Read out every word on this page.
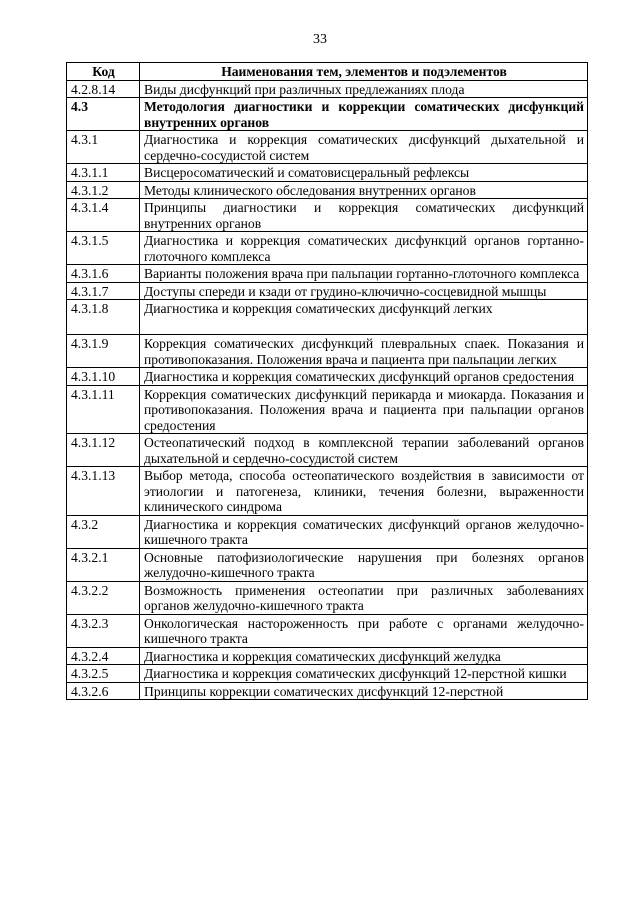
33
Код	Наименования тем, элементов и подэлементов
4.2.8.14	Виды дисфункций при различных предлежаниях плода
4.3	Методология диагностики и коррекции соматических дисфункций внутренних органов
4.3.1	Диагностика и коррекция соматических дисфункций дыхательной и сердечно-сосудистой систем
4.3.1.1	Висцеросоматический и соматовисцеральный рефлексы
4.3.1.2	Методы клинического обследования внутренних органов
4.3.1.4	Принципы диагностики и коррекция соматических дисфункций внутренних органов
4.3.1.5	Диагностика и коррекция соматических дисфункций органов гортанно-глоточного комплекса
4.3.1.6	Варианты положения врача при пальпации гортанно-глоточного комплекса
4.3.1.7	Доступы спереди и кзади от грудино-ключично-сосцевидной мышцы
4.3.1.8	Диагностика и коррекция соматических дисфункций легких
4.3.1.9	Коррекция соматических дисфункций плевральных спаек. Показания и противопоказания. Положения врача и пациента при пальпации легких
4.3.1.10	Диагностика и коррекция соматических дисфункций органов средостения
4.3.1.11	Коррекция соматических дисфункций перикарда и миокарда. Показания и противопоказания. Положения врача и пациента при пальпации органов средостения
4.3.1.12	Остеопатический подход в комплексной терапии заболеваний органов дыхательной и сердечно-сосудистой систем
4.3.1.13	Выбор метода, способа остеопатического воздействия в зависимости от этиологии и патогенеза, клиники, течения болезни, выраженности клинического синдрома
4.3.2	Диагностика и коррекция соматических дисфункций органов желудочно-кишечного тракта
4.3.2.1	Основные патофизиологические нарушения при болезнях органов желудочно-кишечного тракта
4.3.2.2	Возможность применения остеопатии при различных заболеваниях органов желудочно-кишечного тракта
4.3.2.3	Онкологическая настороженность при работе с органами желудочно-кишечного тракта
4.3.2.4	Диагностика и коррекция соматических дисфункций желудка
4.3.2.5	Диагностика и коррекция соматических дисфункций 12-перстной кишки
4.3.2.6	Принципы коррекции соматических дисфункций 12-перстной
